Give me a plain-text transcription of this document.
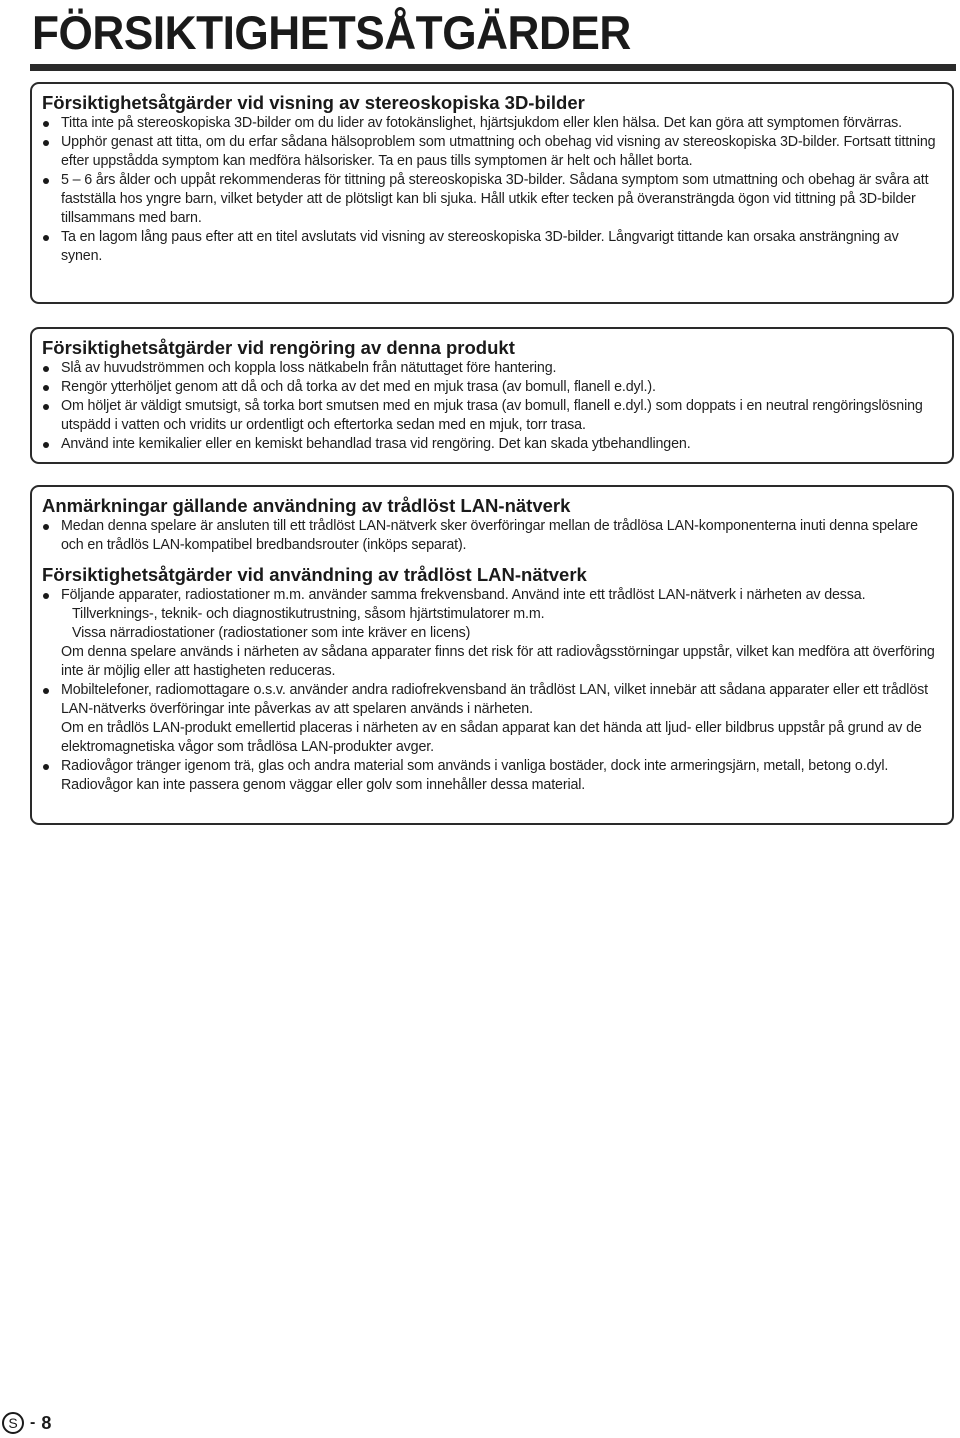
FÖRSIKTIGHETSÅTGÄRDER
Försiktighetsåtgärder vid visning av stereoskopiska 3D-bilder
Titta inte på stereoskopiska 3D-bilder om du lider av fotokänslighet, hjärtsjukdom eller klen hälsa. Det kan göra att symptomen förvärras.
Upphör genast att titta, om du erfar sådana hälsoproblem som utmattning och obehag vid visning av stereoskopiska 3D-bilder. Fortsatt tittning efter uppstådda symptom kan medföra hälsorisker. Ta en paus tills symptomen är helt och hållet borta.
5 – 6 års ålder och uppåt rekommenderas för tittning på stereoskopiska 3D-bilder. Sådana symptom som utmattning och obehag är svåra att fastställa hos yngre barn, vilket betyder att de plötsligt kan bli sjuka. Håll utkik efter tecken på överansträngda ögon vid tittning på 3D-bilder tillsammans med barn.
Ta en lagom lång paus efter att en titel avslutats vid visning av stereoskopiska 3D-bilder. Långvarigt tittande kan orsaka ansträngning av synen.
Försiktighetsåtgärder vid rengöring av denna produkt
Slå av huvudströmmen och koppla loss nätkabeln från nätuttaget före hantering.
Rengör ytterhöljet genom att då och då torka av det med en mjuk trasa (av bomull, flanell e.dyl.).
Om höljet är väldigt smutsigt, så torka bort smutsen med en mjuk trasa (av bomull, flanell e.dyl.) som doppats i en neutral rengöringslösning utspädd i vatten och vridits ur ordentligt och eftertorka sedan med en mjuk, torr trasa.
Använd inte kemikalier eller en kemiskt behandlad trasa vid rengöring. Det kan skada ytbehandlingen.
Anmärkningar gällande användning av trådlöst LAN-nätverk
Medan denna spelare är ansluten till ett trådlöst LAN-nätverk sker överföringar mellan de trådlösa LAN-komponenterna inuti denna spelare och en trådlös LAN-kompatibel bredbandsrouter (inköps separat).
Försiktighetsåtgärder vid användning av trådlöst LAN-nätverk
Följande apparater, radiostationer m.m. använder samma frekvensband. Använd inte ett trådlöst LAN-nätverk i närheten av dessa.
Tillverknings-, teknik- och diagnostikutrustning, såsom hjärtstimulatorer m.m.
Vissa närradiostationer (radiostationer som inte kräver en licens)
Om denna spelare används i närheten av sådana apparater finns det risk för att radiovågsstörningar uppstår, vilket kan medföra att överföring inte är möjlig eller att hastigheten reduceras.
Mobiltelefoner, radiomottagare o.s.v. använder andra radiofrekvensband än trådlöst LAN, vilket innebär att sådana apparater eller ett trådlöst LAN-nätverks överföringar inte påverkas av att spelaren används i närheten.
Om en trådlös LAN-produkt emellertid placeras i närheten av en sådan apparat kan det hända att ljud- eller bildbrus uppstår på grund av de elektromagnetiska vågor som trådlösa LAN-produkter avger.
Radiovågor tränger igenom trä, glas och andra material som används i vanliga bostäder, dock inte armeringsjärn, metall, betong o.dyl. Radiovågor kan inte passera genom väggar eller golv som innehåller dessa material.
S - 8
